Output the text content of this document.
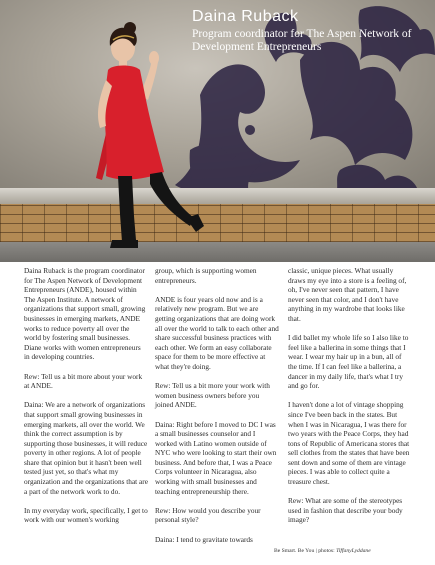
Daina Ruback
Program coordinator for The Aspen Network of Development Entrepreneurs

Daina Ruback is the program coordinator for The Aspen Network of Development Entrepreneurs (ANDE), housed within The Aspen Institute. A network of organizations that support small, growing businesses in emerging markets, ANDE works to reduce poverty all over the world by fostering small businesses. Diane works with women entrepreneurs in developing countries.

Rew: Tell us a bit more about your work at ANDE.

Daina: We are a network of organizations that support small growing businesses in emerging markets, all over the world. We think the correct assumption is by supporting those businesses, it will reduce poverty in other regions. A lot of people share that opinion but it hasn't been well tested just yet, so that's what my organization and the organizations that are a part of the network work to do.

In my everyday work, specifically, I get to work with our women's working

group, which is supporting women entrepreneurs.

ANDE is four years old now and is a relatively new program. But we are getting organizations that are doing work all over the world to talk to each other and share successful business practices with each other. We form an easy collaborate space for them to be more effective at what they're doing.

Rew: Tell us a bit more your work with women business owners before you joined ANDE.

Daina: Right before I moved to DC I was a small businesses counselor and I worked with Latino women outside of NYC who were looking to start their own business. And before that, I was a Peace Corps volunteer in Nicaragua, also working with small businesses and teaching entrepreneurship there.

Rew: How would you describe your personal style?

Daina: I tend to gravitate towards

classic, unique pieces. What usually draws my eye into a store is a feeling of, oh, I've never seen that pattern, I have never seen that color, and I don't have anything in my wardrobe that looks like that.

I did ballet my whole life so I also like to feel like a ballerina in some things that I wear. I wear my hair up in a bun, all of the time. If I can feel like a ballerina, a dancer in my daily life, that's what I try and go for.

I haven't done a lot of vintage shopping since I've been back in the states. But when I was in Nicaragua, I was there for two years with the Peace Corps, they had tons of Republic of Americana stores that sell clothes from the states that have been sent down and some of them are vintage pieces. I was able to collect quite a treasure chest.

Rew: What are some of the stereotypes used in fashion that describe your body image?

Be Smart. Be You | photos: TiffanyLyddane
